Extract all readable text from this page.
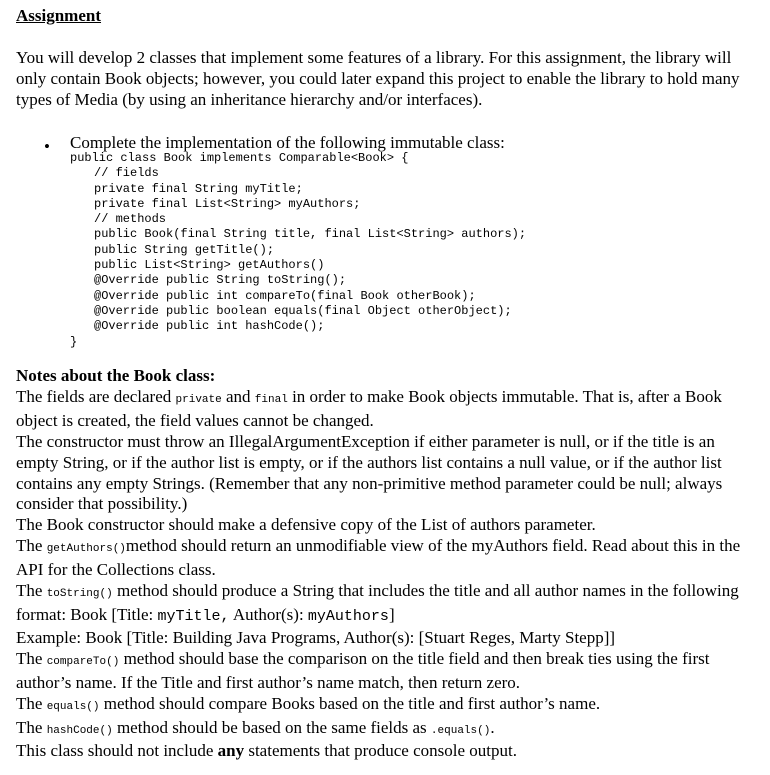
Assignment
You will develop 2 classes that implement some features of a library. For this assignment, the library will only contain Book objects; however, you could later expand this project to enable the library to hold many types of Media (by using an inheritance hierarchy and/or interfaces).
• Complete the implementation of the following immutable class:
public class Book implements Comparable<Book> {
// fields
private final String myTitle;
private final List<String> myAuthors;
// methods
public Book(final String title, final List<String> authors);
public String getTitle();
public List<String> getAuthors()
@Override public String toString();
@Override public int compareTo(final Book otherBook);
@Override public boolean equals(final Object otherObject);
@Override public int hashCode();
}

Notes about the Book class:

The fields are declared private and final in order to make Book objects immutable. That is, after a Book object is created, the field values cannot be changed.

The constructor must throw an IllegalArgumentException if either parameter is null, or if the title is an empty String, or if the author list is empty, or if the authors list contains a null value, or if the author list contains any empty Strings. (Remember that any non-primitive method parameter could be null; always consider that possibility.)

The Book constructor should make a defensive copy of the List of authors parameter.

The getAuthors()method should return an unmodifiable view of the myAuthors field. Read about this in the API for the Collections class.

The toString() method should produce a String that includes the title and all author names in the following format: Book [Title: myTitle, Author(s): myAuthors]

Example: Book [Title: Building Java Programs, Author(s): [Stuart Reges, Marty Stepp]]

The compareTo() method should base the comparison on the title field and then break ties using the first author’s name. If the Title and first author’s name match, then return zero.

The equals() method should compare Books based on the title and first author’s name.

The hashCode() method should be based on the same fields as .equals().

This class should not include any statements that produce console output.
